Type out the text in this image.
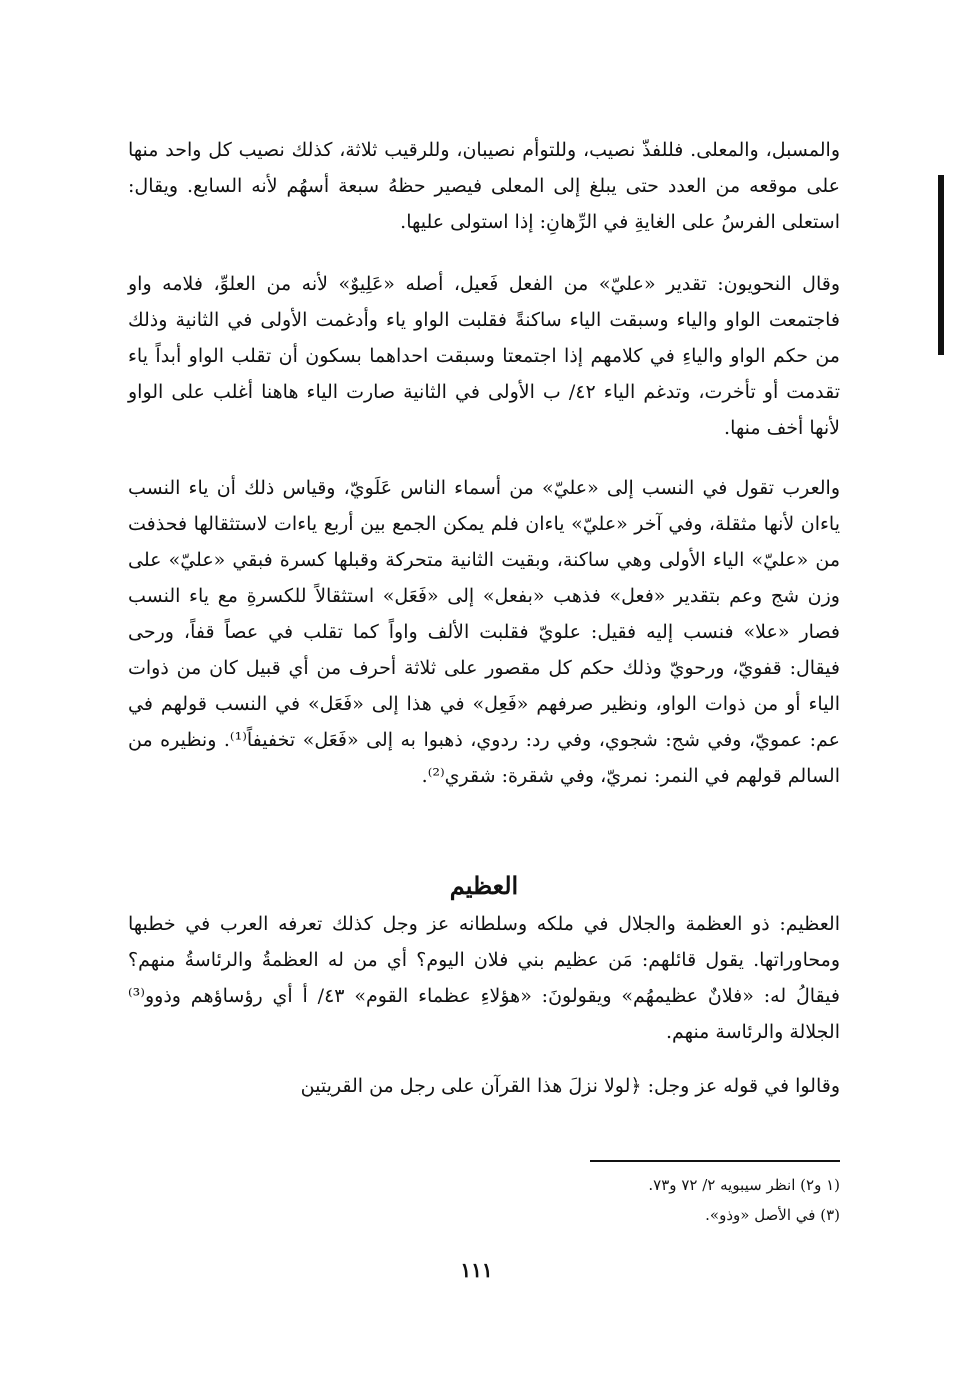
والمسبل، والمعلى. فللفذّ نصيب، وللتوأم نصيبان، وللرقيب ثلاثة، كذلك نصيب كل واحد منها على موقعه من العدد حتى يبلغ إلى المعلى فيصير حظهُ سبعة أسهُم لأنه السابع. ويقال: استعلى الفرسُ على الغايةِ في الرِّهانِ: إذا استولى عليها.

وقال النحويون: تقدير «عليّ» من الفعل فَعيل، أصله «عَلِيوٌ» لأنه من العلوِّ، فلامه واو فاجتمعت الواو والياء وسبقت الياء ساكنةً فقلبت الواو ياء وأدغمت الأولى في الثانية وذلك من حكم الواو والياءِ في كلامهم إذا اجتمعتا وسبقت احداهما بسكون أن تقلب الواو أبداً ياء تقدمت أو تأخرت، وتدغم الياء ٤٢/ ب الأولى في الثانية صارت الياء هاهنا أغلب على الواو لأنها أخف منها.

والعرب تقول في النسب إلى «عليّ» من أسماء الناس عَلَويّ، وقياس ذلك أن ياء النسب ياءان لأنها مثقلة، وفي آخر «عليّ» ياءان فلم يمكن الجمع بين أربع ياءات لاستثقالها فحذفت من «عليّ» الياء الأولى وهي ساكنة، وبقيت الثانية متحركة وقبلها كسرة فبقي «عليّ» على وزن شج وعم بتقدير «فعل» فذهب «بفعل» إلى «فَعَل» استثقالاً للكسرةِ مع ياء النسب فصار «علا» فنسب إليه فقيل: علويّ فقلبت الألف واواً كما تقلب في عصاً قفاً، ورحى فيقال: قفويّ، ورحويّ وذلك حكم كل مقصور على ثلاثة أحرف من أي قبيل كان من ذوات الياء أو من ذوات الواو، ونظير صرفهم «فَعِل» في هذا إلى «فَعَل» في النسب قولهم في عم: عمويّ، وفي شج: شجوي، وفي رد: ردوي، ذهبوا به إلى «فَعَل» تخفيفاً⁽¹⁾. ونظيره من السالم قولهم في النمر: نمريّ، وفي شقرة: شقري⁽²⁾.

العظيم

العظيم: ذو العظمة والجلال في ملكه وسلطانه عز وجل كذلك تعرفه العرب في خطبها ومحاوراتها. يقول قائلهم: مَن عظيم بني فلان اليوم؟ أي من له العظمةُ والرئاسةُ منهم؟ فيقالُ له: «فلانٌ عظيمهُم» ويقولونَ: «هؤلاءِ عظماء القوم» ٤٣/ أ أي رؤساؤهم وذوو⁽³⁾ الجلالة والرئاسة منهم.

وقالوا في قوله عز وجل: ﴿لولا نزلَ هذا القرآن على رجل من القريتين

(١ و٢) انظر سيبويه ٢/ ٧٢ و٧٣.
(٣) في الأصل «وذو».
١١١
